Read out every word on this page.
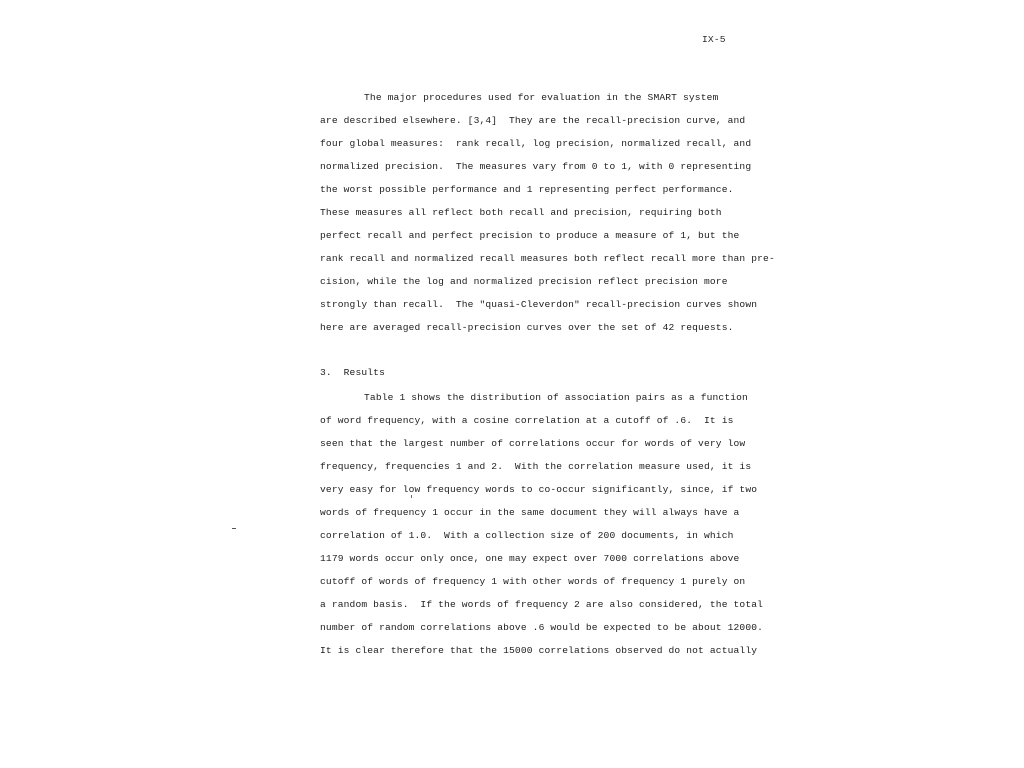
IX-5
The major procedures used for evaluation in the SMART system
are described elsewhere. [3,4]  They are the recall-precision curve, and
four global measures:  rank recall, log precision, normalized recall, and
normalized precision.  The measures vary from 0 to 1, with 0 representing
the worst possible performance and 1 representing perfect performance.
These measures all reflect both recall and precision, requiring both
perfect recall and perfect precision to produce a measure of 1, but the
rank recall and normalized recall measures both reflect recall more than pre-
cision, while the log and normalized precision reflect precision more
strongly than recall.  The "quasi-Cleverdon" recall-precision curves shown
here are averaged recall-precision curves over the set of 42 requests.
3.  Results
Table 1 shows the distribution of association pairs as a function
of word frequency, with a cosine correlation at a cutoff of .6.  It is
seen that the largest number of correlations occur for words of very low
frequency, frequencies 1 and 2.  With the correlation measure used, it is
very easy for low frequency words to co-occur significantly, since, if two
words of frequency 1 occur in the same document they will always have a
correlation of 1.0.  With a collection size of 200 documents, in which
1179 words occur only once, one may expect over 7000 correlations above
cutoff of words of frequency 1 with other words of frequency 1 purely on
a random basis.  If the words of frequency 2 are also considered, the total
number of random correlations above .6 would be expected to be about 12000.
It is clear therefore that the 15000 correlations observed do not actually
